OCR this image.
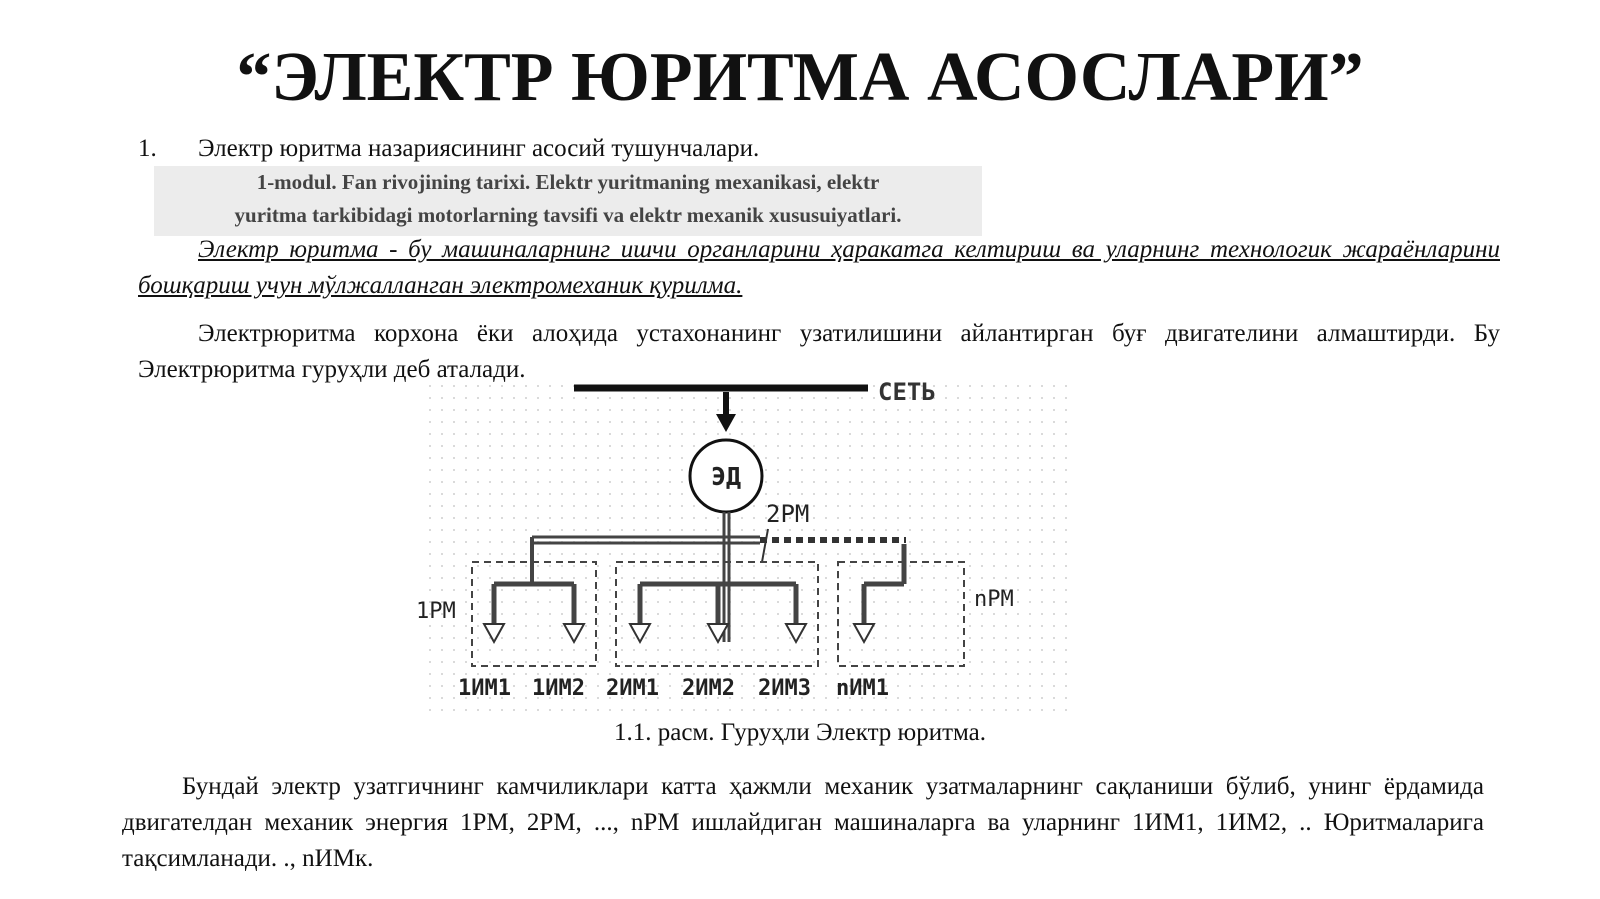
“ЭЛЕКТР ЮРИТМА АСОСЛАРИ”
1. Электр юритма назариясининг асосий тушунчалари.
1-modul. Fan rivojining tarixi. Elektr yuritmaning mexanikasi, elektr
yuritma tarkibidagi motorlarning tavsifi va elektr mexanik xususuiyatlari.
Электр юритма - бу машиналарнинг ишчи органларини ҳаракатга келтириш ва уларнинг технологик жараёнларини бошқариш учун мўлжалланган электромеханик қурилма.
Электрюритма корхона ёки алоҳида устахонанинг узатилишини айлантирган буғ двигателини алмаштирди. Бу Электрюритма гуруҳли деб аталади.
СЕТЬ
ЭД
2РМ
1РМ	nРМ
1ИМ1 1ИМ2 2ИМ1 2ИМ2 2ИМ3 nИМ1
1.1. расм. Гуруҳли Электр юритма.
Бундай электр узатгичнинг камчиликлари катта ҳажмли механик узатмаларнинг сақланиши бўлиб, унинг ёрдамида двигателдан механик энергия 1РМ, 2РМ, ..., nРМ ишлайдиган машиналарга ва уларнинг 1ИМ1, 1ИМ2, .. Юритмаларига тақсимланади. ., nИМк.
